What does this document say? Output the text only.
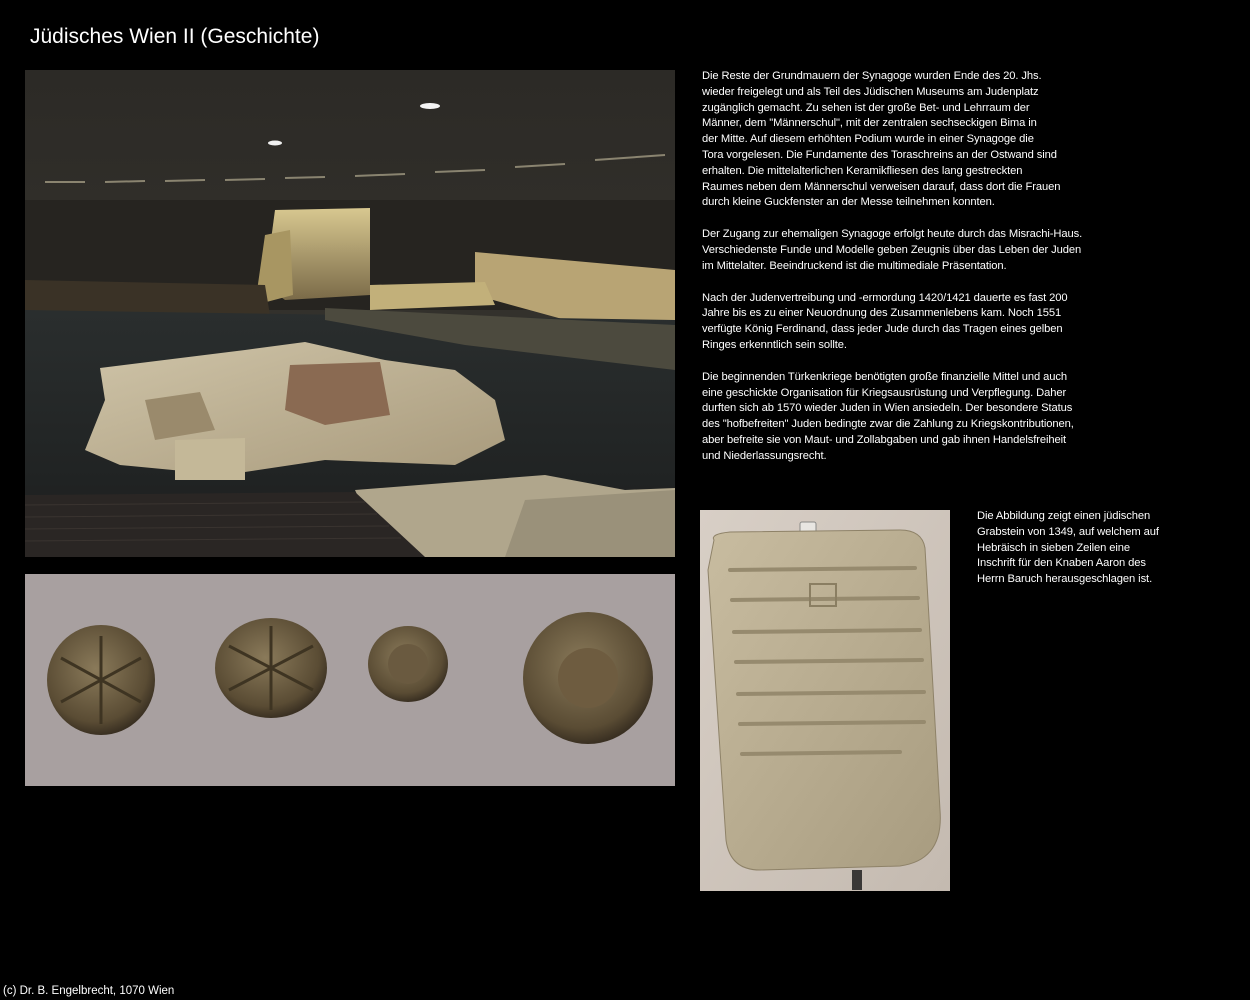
Jüdisches Wien II (Geschichte)

Die Reste der Grundmauern der Synagoge wurden Ende des 20. Jhs.
wieder freigelegt und als Teil des Jüdischen Museums am Judenplatz
zugänglich gemacht. Zu sehen ist der große Bet- und Lehrraum der
Männer, dem "Männerschul", mit der zentralen sechseckigen Bima in
der Mitte. Auf diesem erhöhten Podium wurde in einer Synagoge die
Tora vorgelesen. Die Fundamente des Toraschreins an der Ostwand sind
erhalten. Die mittelalterlichen Keramikfliesen des lang gestreckten
Raumes neben dem Männerschul verweisen darauf, dass dort die Frauen
durch kleine Guckfenster an der Messe teilnehmen konnten.

Der Zugang zur ehemaligen Synagoge erfolgt heute durch das Misrachi-Haus.
Verschiedenste Funde und Modelle geben Zeugnis über das Leben der Juden
im Mittelalter. Beeindruckend ist die multimediale Präsentation.

Nach der Judenvertreibung und -ermordung 1420/1421 dauerte es fast 200
Jahre bis es zu einer Neuordnung des Zusammenlebens kam. Noch 1551
verfügte König Ferdinand, dass jeder Jude durch das Tragen eines gelben
Ringes erkenntlich sein sollte.

Die beginnenden Türkenkriege benötigten große finanzielle Mittel und auch
eine geschickte Organisation für Kriegsausrüstung und Verpflegung. Daher
durften sich ab 1570 wieder Juden in Wien ansiedeln. Der besondere Status
des "hofbefreiten" Juden bedingte zwar die Zahlung zu Kriegskontributionen,
aber befreite sie von Maut- und Zollabgaben und gab ihnen Handelsfreiheit
und Niederlassungsrecht.

Die Abbildung zeigt einen jüdischen
Grabstein von 1349, auf welchem auf
Hebräisch in sieben Zeilen eine
Inschrift für den Knaben Aaron des
Herrn Baruch herausgeschlagen ist.
(c) Dr. B. Engelbrecht, 1070 Wien
